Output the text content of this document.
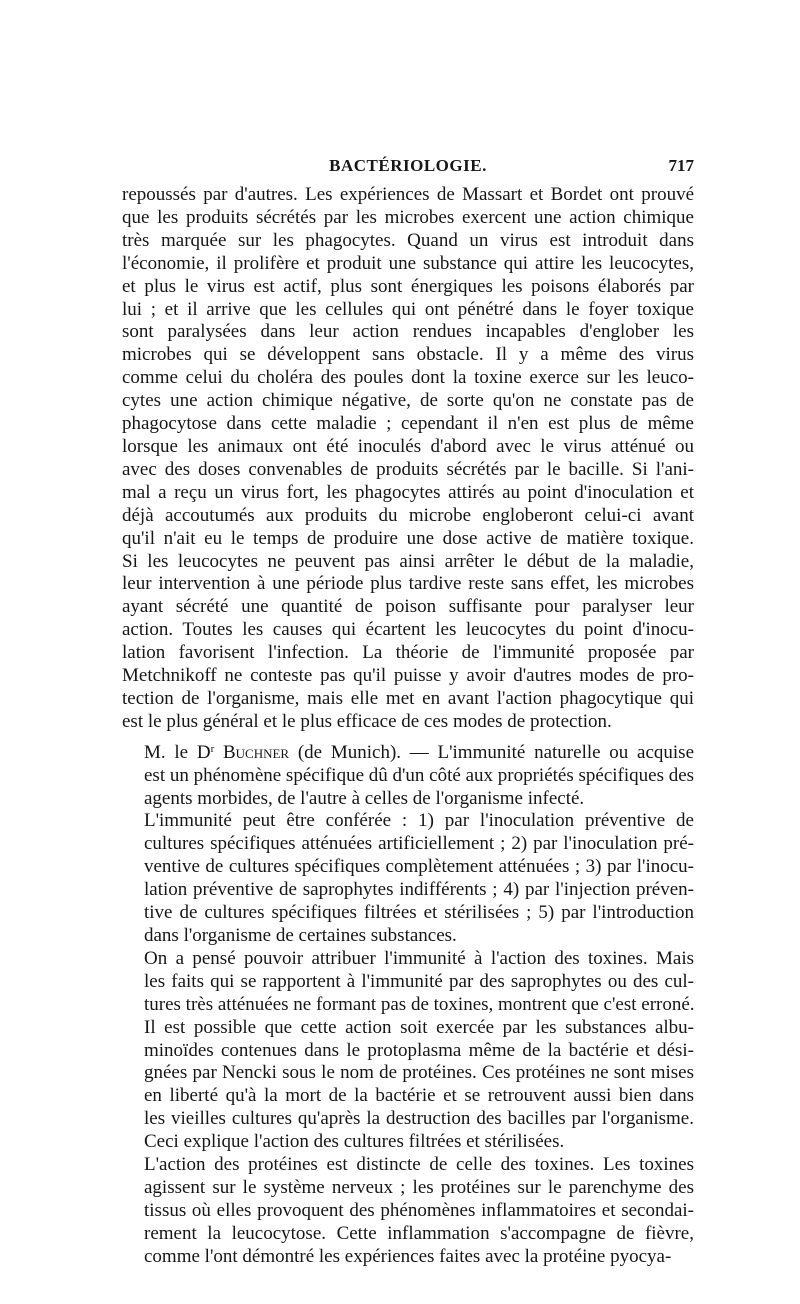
BACTÉRIOLOGIE.	717

repoussés par d'autres. Les expériences de Massart et Bordet ont prouvé
que les produits sécrétés par les microbes exercent une action chimique
très marquée sur les phagocytes. Quand un virus est introduit dans
l'économie, il prolifère et produit une substance qui attire les leucocytes,
et plus le virus est actif, plus sont énergiques les poisons élaborés par
lui ; et il arrive que les cellules qui ont pénétré dans le foyer toxique
sont paralysées dans leur action rendues incapables d'englober les
microbes qui se développent sans obstacle. Il y a même des virus
comme celui du choléra des poules dont la toxine exerce sur les leuco-
cytes une action chimique négative, de sorte qu'on ne constate pas de
phagocytose dans cette maladie ; cependant il n'en est plus de même
lorsque les animaux ont été inoculés d'abord avec le virus atténué ou
avec des doses convenables de produits sécrétés par le bacille. Si l'ani-
mal a reçu un virus fort, les phagocytes attirés au point d'inoculation et
déjà accoutumés aux produits du microbe engloberont celui-ci avant
qu'il n'ait eu le temps de produire une dose active de matière toxique.
Si les leucocytes ne peuvent pas ainsi arrêter le début de la maladie,
leur intervention à une période plus tardive reste sans effet, les microbes
ayant sécrété une quantité de poison suffisante pour paralyser leur
action. Toutes les causes qui écartent les leucocytes du point d'inocu-
lation favorisent l'infection. La théorie de l'immunité proposée par
Metchnikoff ne conteste pas qu'il puisse y avoir d'autres modes de pro-
tection de l'organisme, mais elle met en avant l'action phagocytique qui
est le plus général et le plus efficace de ces modes de protection.

M. le $D^r$ Buchner (de Munich). — L'immunité naturelle ou acquise
est un phénomène spécifique dû d'un côté aux propriétés spécifiques des
agents morbides, de l'autre à celles de l'organisme infecté.

L'immunité peut être conférée : 1) par l'inoculation préventive de
cultures spécifiques atténuées artificiellement ; 2) par l'inoculation pré-
ventive de cultures spécifiques complètement atténuées ; 3) par l'inocu-
lation préventive de saprophytes indifférents ; 4) par l'injection préven-
tive de cultures spécifiques filtrées et stérilisées ; 5) par l'introduction
dans l'organisme de certaines substances.

On a pensé pouvoir attribuer l'immunité à l'action des toxines. Mais
les faits qui se rapportent à l'immunité par des saprophytes ou des cul-
tures très atténuées ne formant pas de toxines, montrent que c'est erroné.

Il est possible que cette action soit exercée par les substances albu-
minoïdes contenues dans le protoplasma même de la bactérie et dési-
gnées par Nencki sous le nom de protéines. Ces protéines ne sont mises
en liberté qu'à la mort de la bactérie et se retrouvent aussi bien dans
les vieilles cultures qu'après la destruction des bacilles par l'organisme.
Ceci explique l'action des cultures filtrées et stérilisées.

L'action des protéines est distincte de celle des toxines. Les toxines
agissent sur le système nerveux ; les protéines sur le parenchyme des
tissus où elles provoquent des phénomènes inflammatoires et secondai-
rement la leucocytose. Cette inflammation s'accompagne de fièvre,
comme l'ont démontré les expériences faites avec la protéine pyocya-
